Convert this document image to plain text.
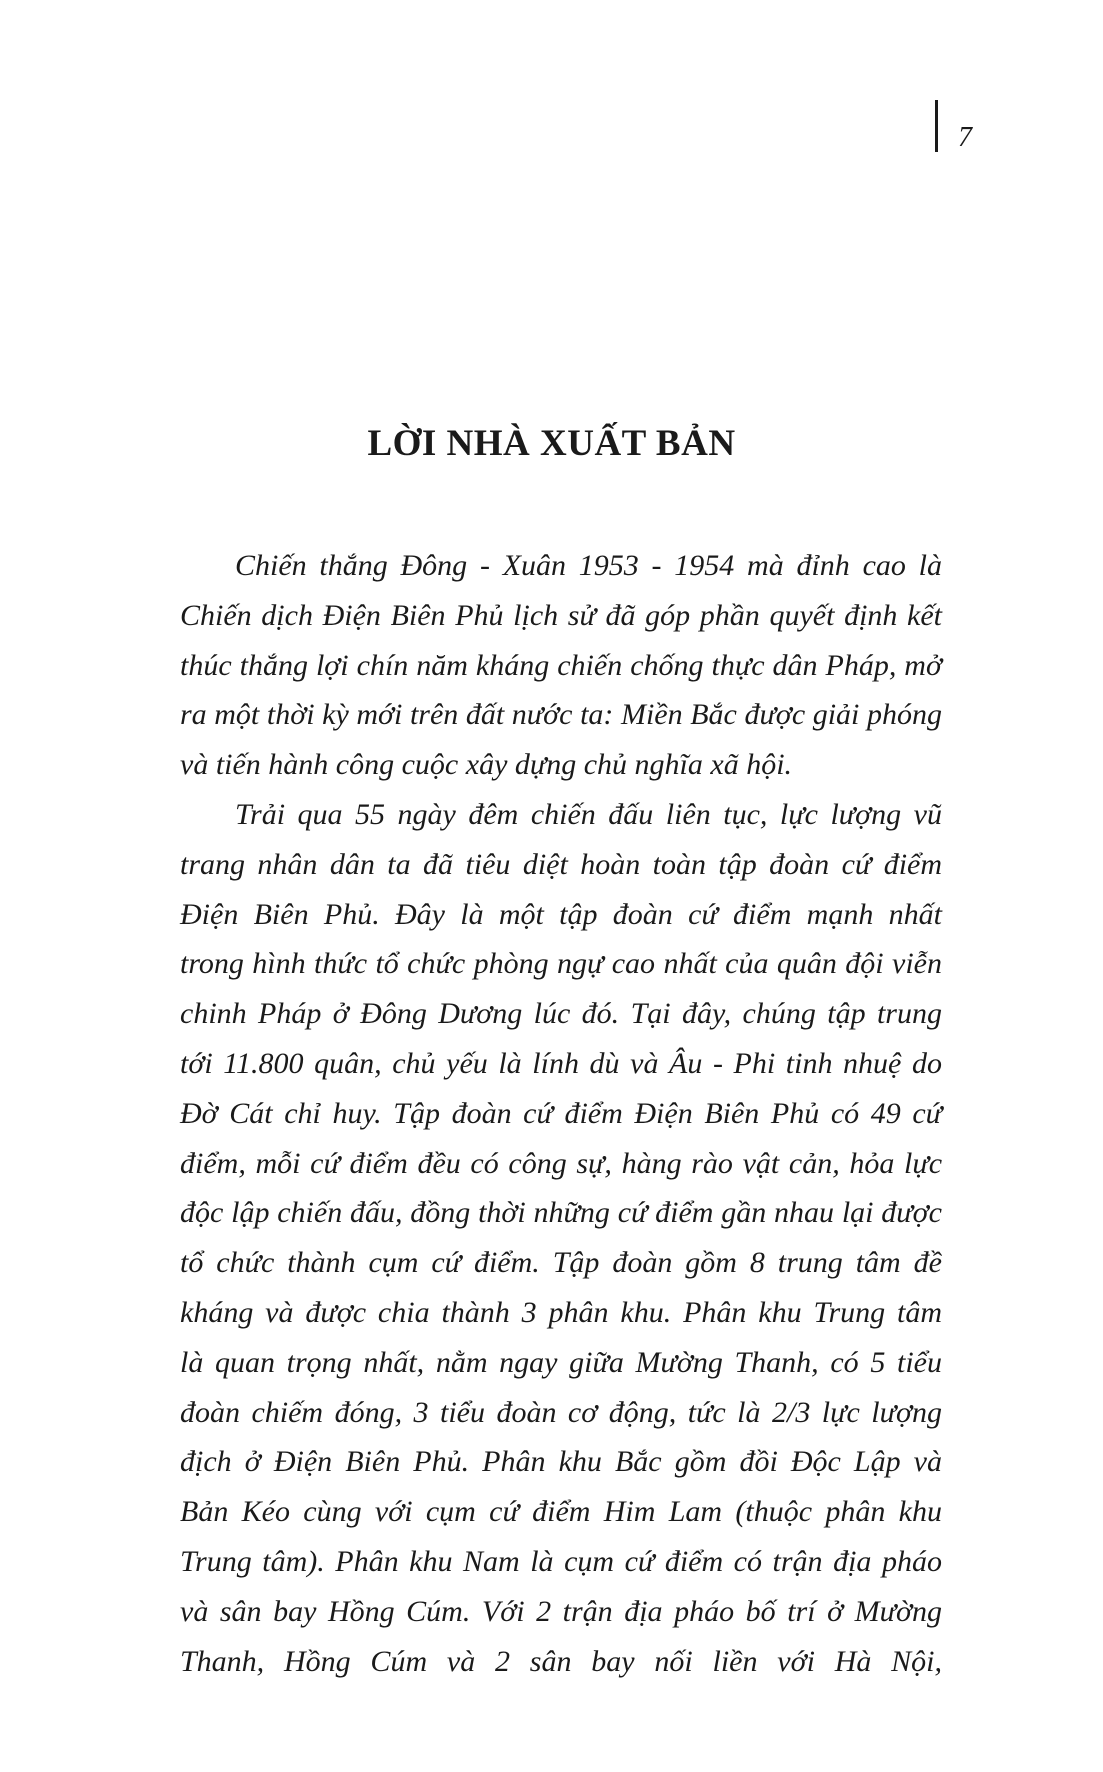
7
LỜI NHÀ XUẤT BẢN

Chiến thắng Đông - Xuân 1953 - 1954 mà đỉnh cao là
Chiến dịch Điện Biên Phủ lịch sử đã góp phần quyết định kết
thúc thắng lợi chín năm kháng chiến chống thực dân Pháp, mở
ra một thời kỳ mới trên đất nước ta: Miền Bắc được giải phóng
và tiến hành công cuộc xây dựng chủ nghĩa xã hội.

Trải qua 55 ngày đêm chiến đấu liên tục, lực lượng vũ
trang nhân dân ta đã tiêu diệt hoàn toàn tập đoàn cứ điểm
Điện Biên Phủ. Đây là một tập đoàn cứ điểm mạnh nhất
trong hình thức tổ chức phòng ngự cao nhất của quân đội viễn
chinh Pháp ở Đông Dương lúc đó. Tại đây, chúng tập trung
tới 11.800 quân, chủ yếu là lính dù và Âu - Phi tinh nhuệ do
Đờ Cát chỉ huy. Tập đoàn cứ điểm Điện Biên Phủ có 49 cứ
điểm, mỗi cứ điểm đều có công sự, hàng rào vật cản, hỏa lực
độc lập chiến đấu, đồng thời những cứ điểm gần nhau lại được
tổ chức thành cụm cứ điểm. Tập đoàn gồm 8 trung tâm đề
kháng và được chia thành 3 phân khu. Phân khu Trung tâm
là quan trọng nhất, nằm ngay giữa Mường Thanh, có 5 tiểu
đoàn chiếm đóng, 3 tiểu đoàn cơ động, tức là 2/3 lực lượng
địch ở Điện Biên Phủ. Phân khu Bắc gồm đồi Độc Lập và
Bản Kéo cùng với cụm cứ điểm Him Lam (thuộc phân khu
Trung tâm). Phân khu Nam là cụm cứ điểm có trận địa pháo
và sân bay Hồng Cúm. Với 2 trận địa pháo bố trí ở Mường
Thanh, Hồng Cúm và 2 sân bay nối liền với Hà Nội,
